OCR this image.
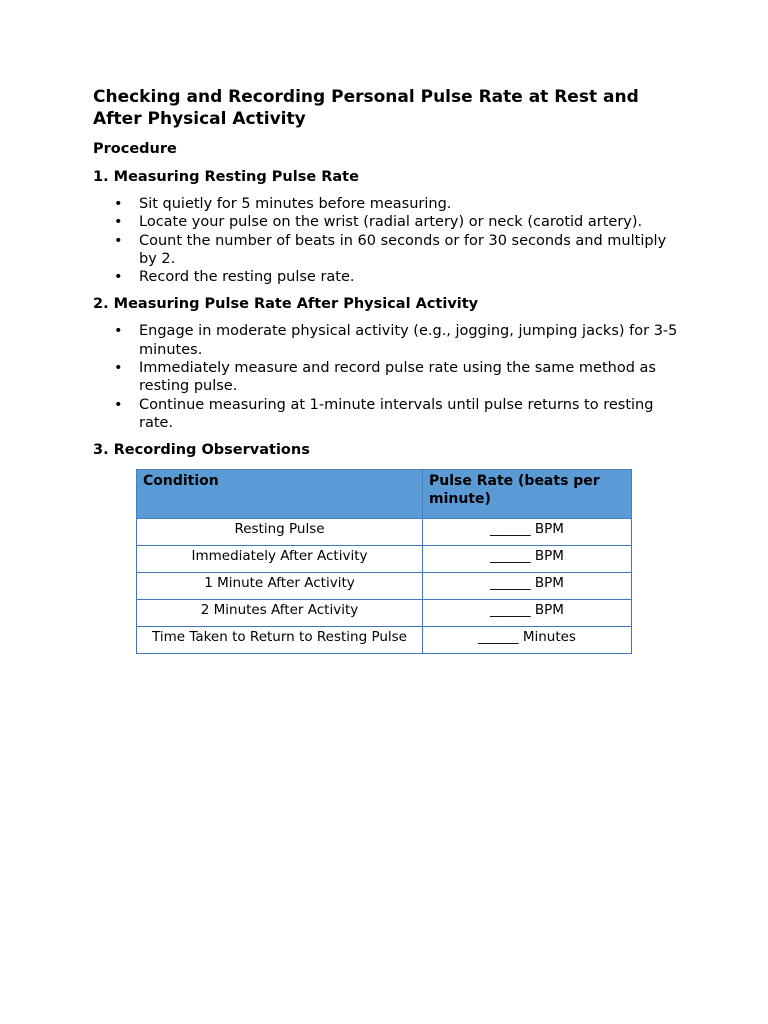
Checking and Recording Personal Pulse Rate at Rest and After Physical Activity

Procedure

1. Measuring Resting Pulse Rate

• Sit quietly for 5 minutes before measuring.
• Locate your pulse on the wrist (radial artery) or neck (carotid artery).
• Count the number of beats in 60 seconds or for 30 seconds and multiply by 2.
• Record the resting pulse rate.

2. Measuring Pulse Rate After Physical Activity

• Engage in moderate physical activity (e.g., jogging, jumping jacks) for 3-5 minutes.
• Immediately measure and record pulse rate using the same method as resting pulse.
• Continue measuring at 1-minute intervals until pulse returns to resting rate.

3. Recording Observations

Condition	Pulse Rate (beats per minute)
Resting Pulse	______ BPM
Immediately After Activity	______ BPM
1 Minute After Activity	______ BPM
2 Minutes After Activity	______ BPM
Time Taken to Return to Resting Pulse	______ Minutes
